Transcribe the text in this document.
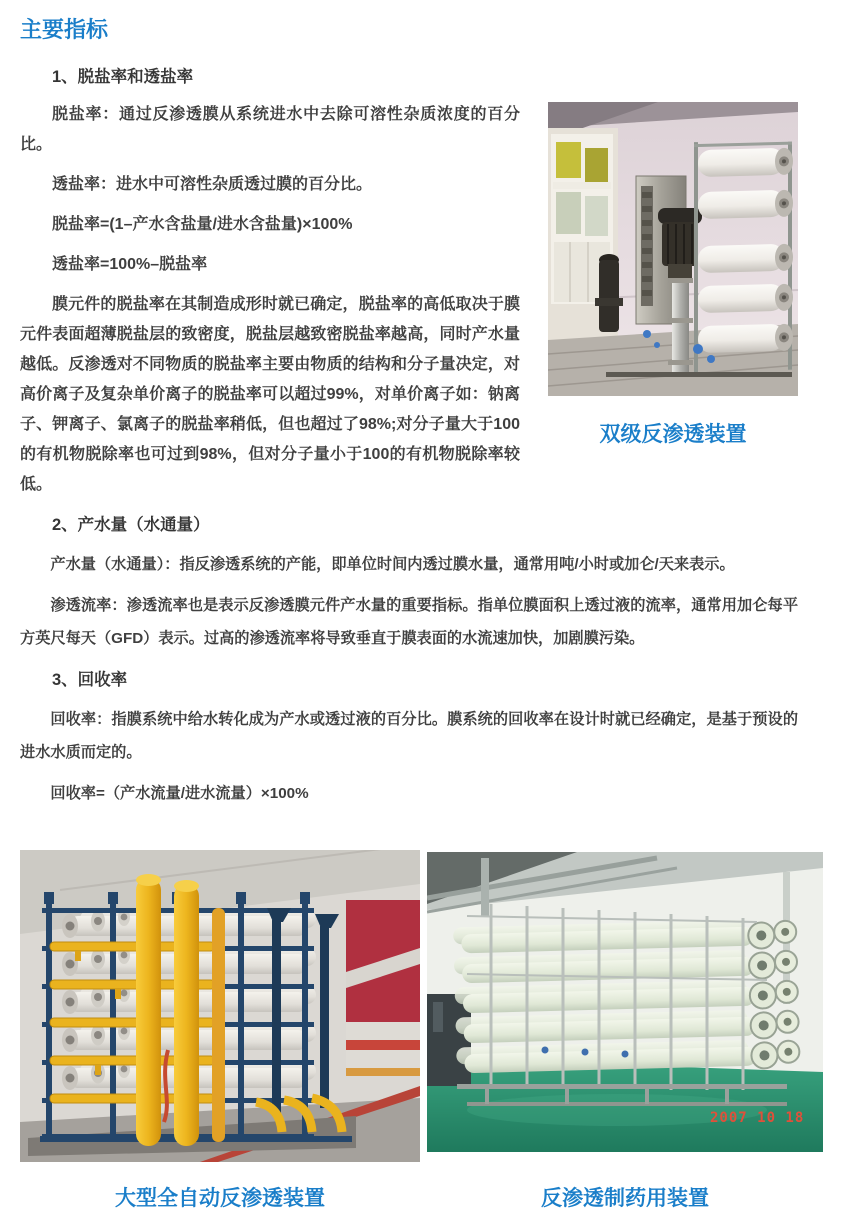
主要指标
1、脱盐率和透盐率
双级反渗透装置

脱盐率：通过反渗透膜从系统进水中去除可溶性杂质浓度的百分比。

透盐率：进水中可溶性杂质透过膜的百分比。

脱盐率=(1–产水含盐量/进水含盐量)×100%

透盐率=100%–脱盐率

膜元件的脱盐率在其制造成形时就已确定，脱盐率的高低取决于膜元件表面超薄脱盐层的致密度，脱盐层越致密脱盐率越高，同时产水量越低。反渗透对不同物质的脱盐率主要由物质的结构和分子量决定，对高价离子及复杂单价离子的脱盐率可以超过99%，对单价离子如：钠离子、钾离子、氯离子的脱盐率稍低，但也超过了98%;对分子量大于100的有机物脱除率也可过到98%，但对分子量小于100的有机物脱除率较低。

2、产水量（水通量）

产水量（水通量）：指反渗透系统的产能，即单位时间内透过膜水量，通常用吨/小时或加仑/天来表示。

渗透流率：渗透流率也是表示反渗透膜元件产水量的重要指标。指单位膜面积上透过液的流率，通常用加仑每平方英尺每天（GFD）表示。过高的渗透流率将导致垂直于膜表面的水流速加快，加剧膜污染。

3、回收率

回收率：指膜系统中给水转化成为产水或透过液的百分比。膜系统的回收率在设计时就已经确定，是基于预设的进水水质而定的。

回收率=（产水流量/进水流量）×100%

大型全自动反渗透装置
2007 10 18
反渗透制药用装置
